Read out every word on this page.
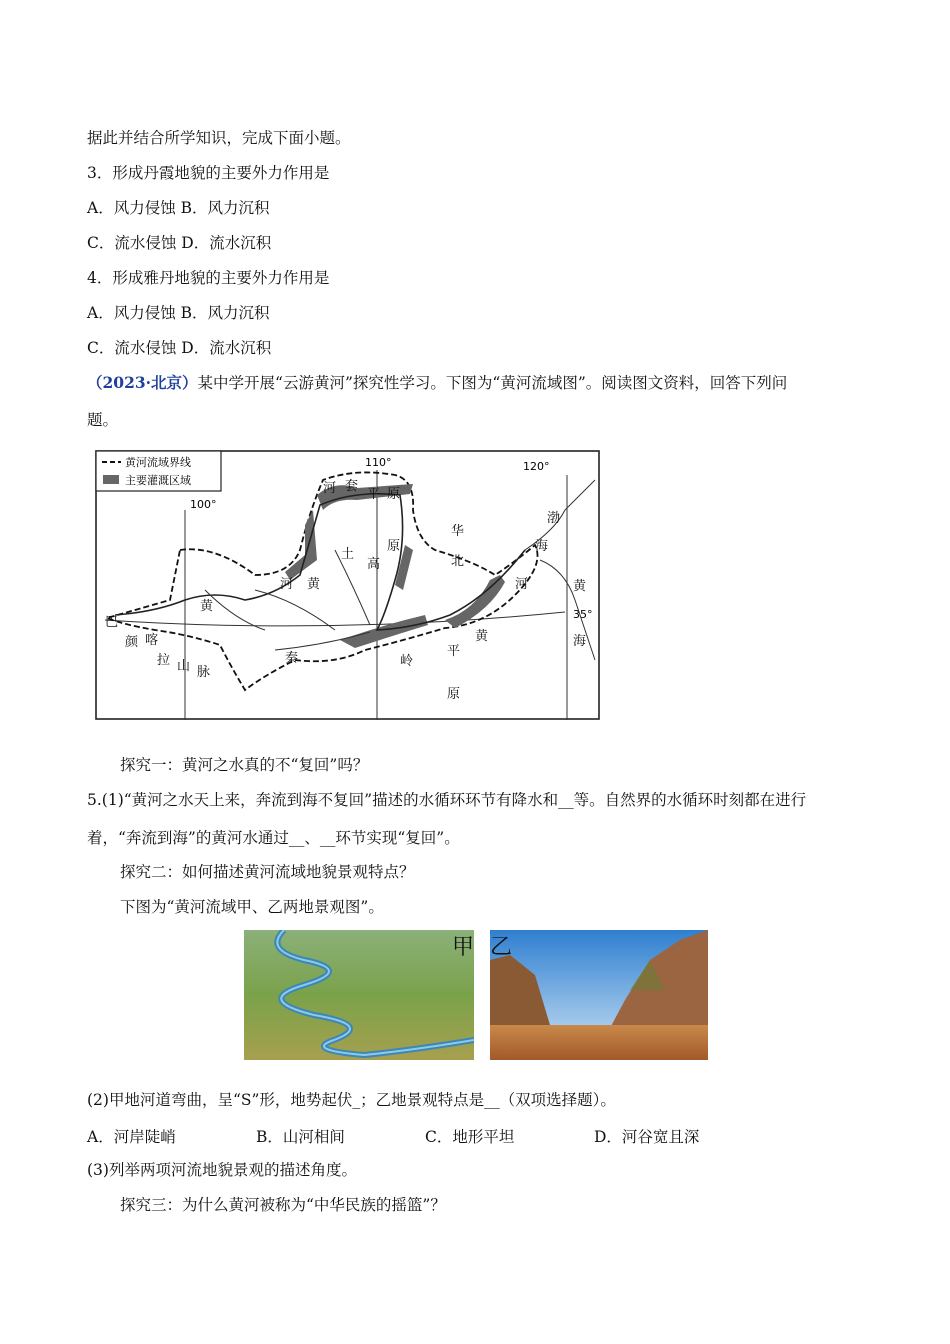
据此并结合所学知识，完成下面小题。
3．形成丹霞地貌的主要外力作用是
A．风力侵蚀 B．风力沉积
C．流水侵蚀 D．流水沉积
4．形成雅丹地貌的主要外力作用是
A．风力侵蚀 B．风力沉积
C．流水侵蚀 D．流水沉积
（2023·北京）某中学开展“云游黄河”探究性学习。下图为“黄河流域图”。阅读图文资料，回答下列问
题。
黄河流域界线
主要灌溉区域
100°
110°	120°
35°
河 套
平 原
华
北
渤
海
高
原
土
河 黄
黄
河	黄
海
巴
颜 喀
拉 山 脉
秦	岭
黄
平
原
探究一：黄河之水真的不“复回”吗？
5.(1)“黄河之水天上来，奔流到海不复回”描述的水循环环节有降水和__等。自然界的水循环时刻都在进行
着，“奔流到海”的黄河水通过__、__环节实现“复回”。
探究二：如何描述黄河流域地貌景观特点？
下图为“黄河流域甲、乙两地景观图”。
甲 乙
(2)甲地河道弯曲，呈“S”形，地势起伏_；乙地景观特点是__（双项选择题）。
A．河岸陡峭	B．山河相间	C．地形平坦	D．河谷宽且深
(3)列举两项河流地貌景观的描述角度。
探究三：为什么黄河被称为“中华民族的摇篮”？
